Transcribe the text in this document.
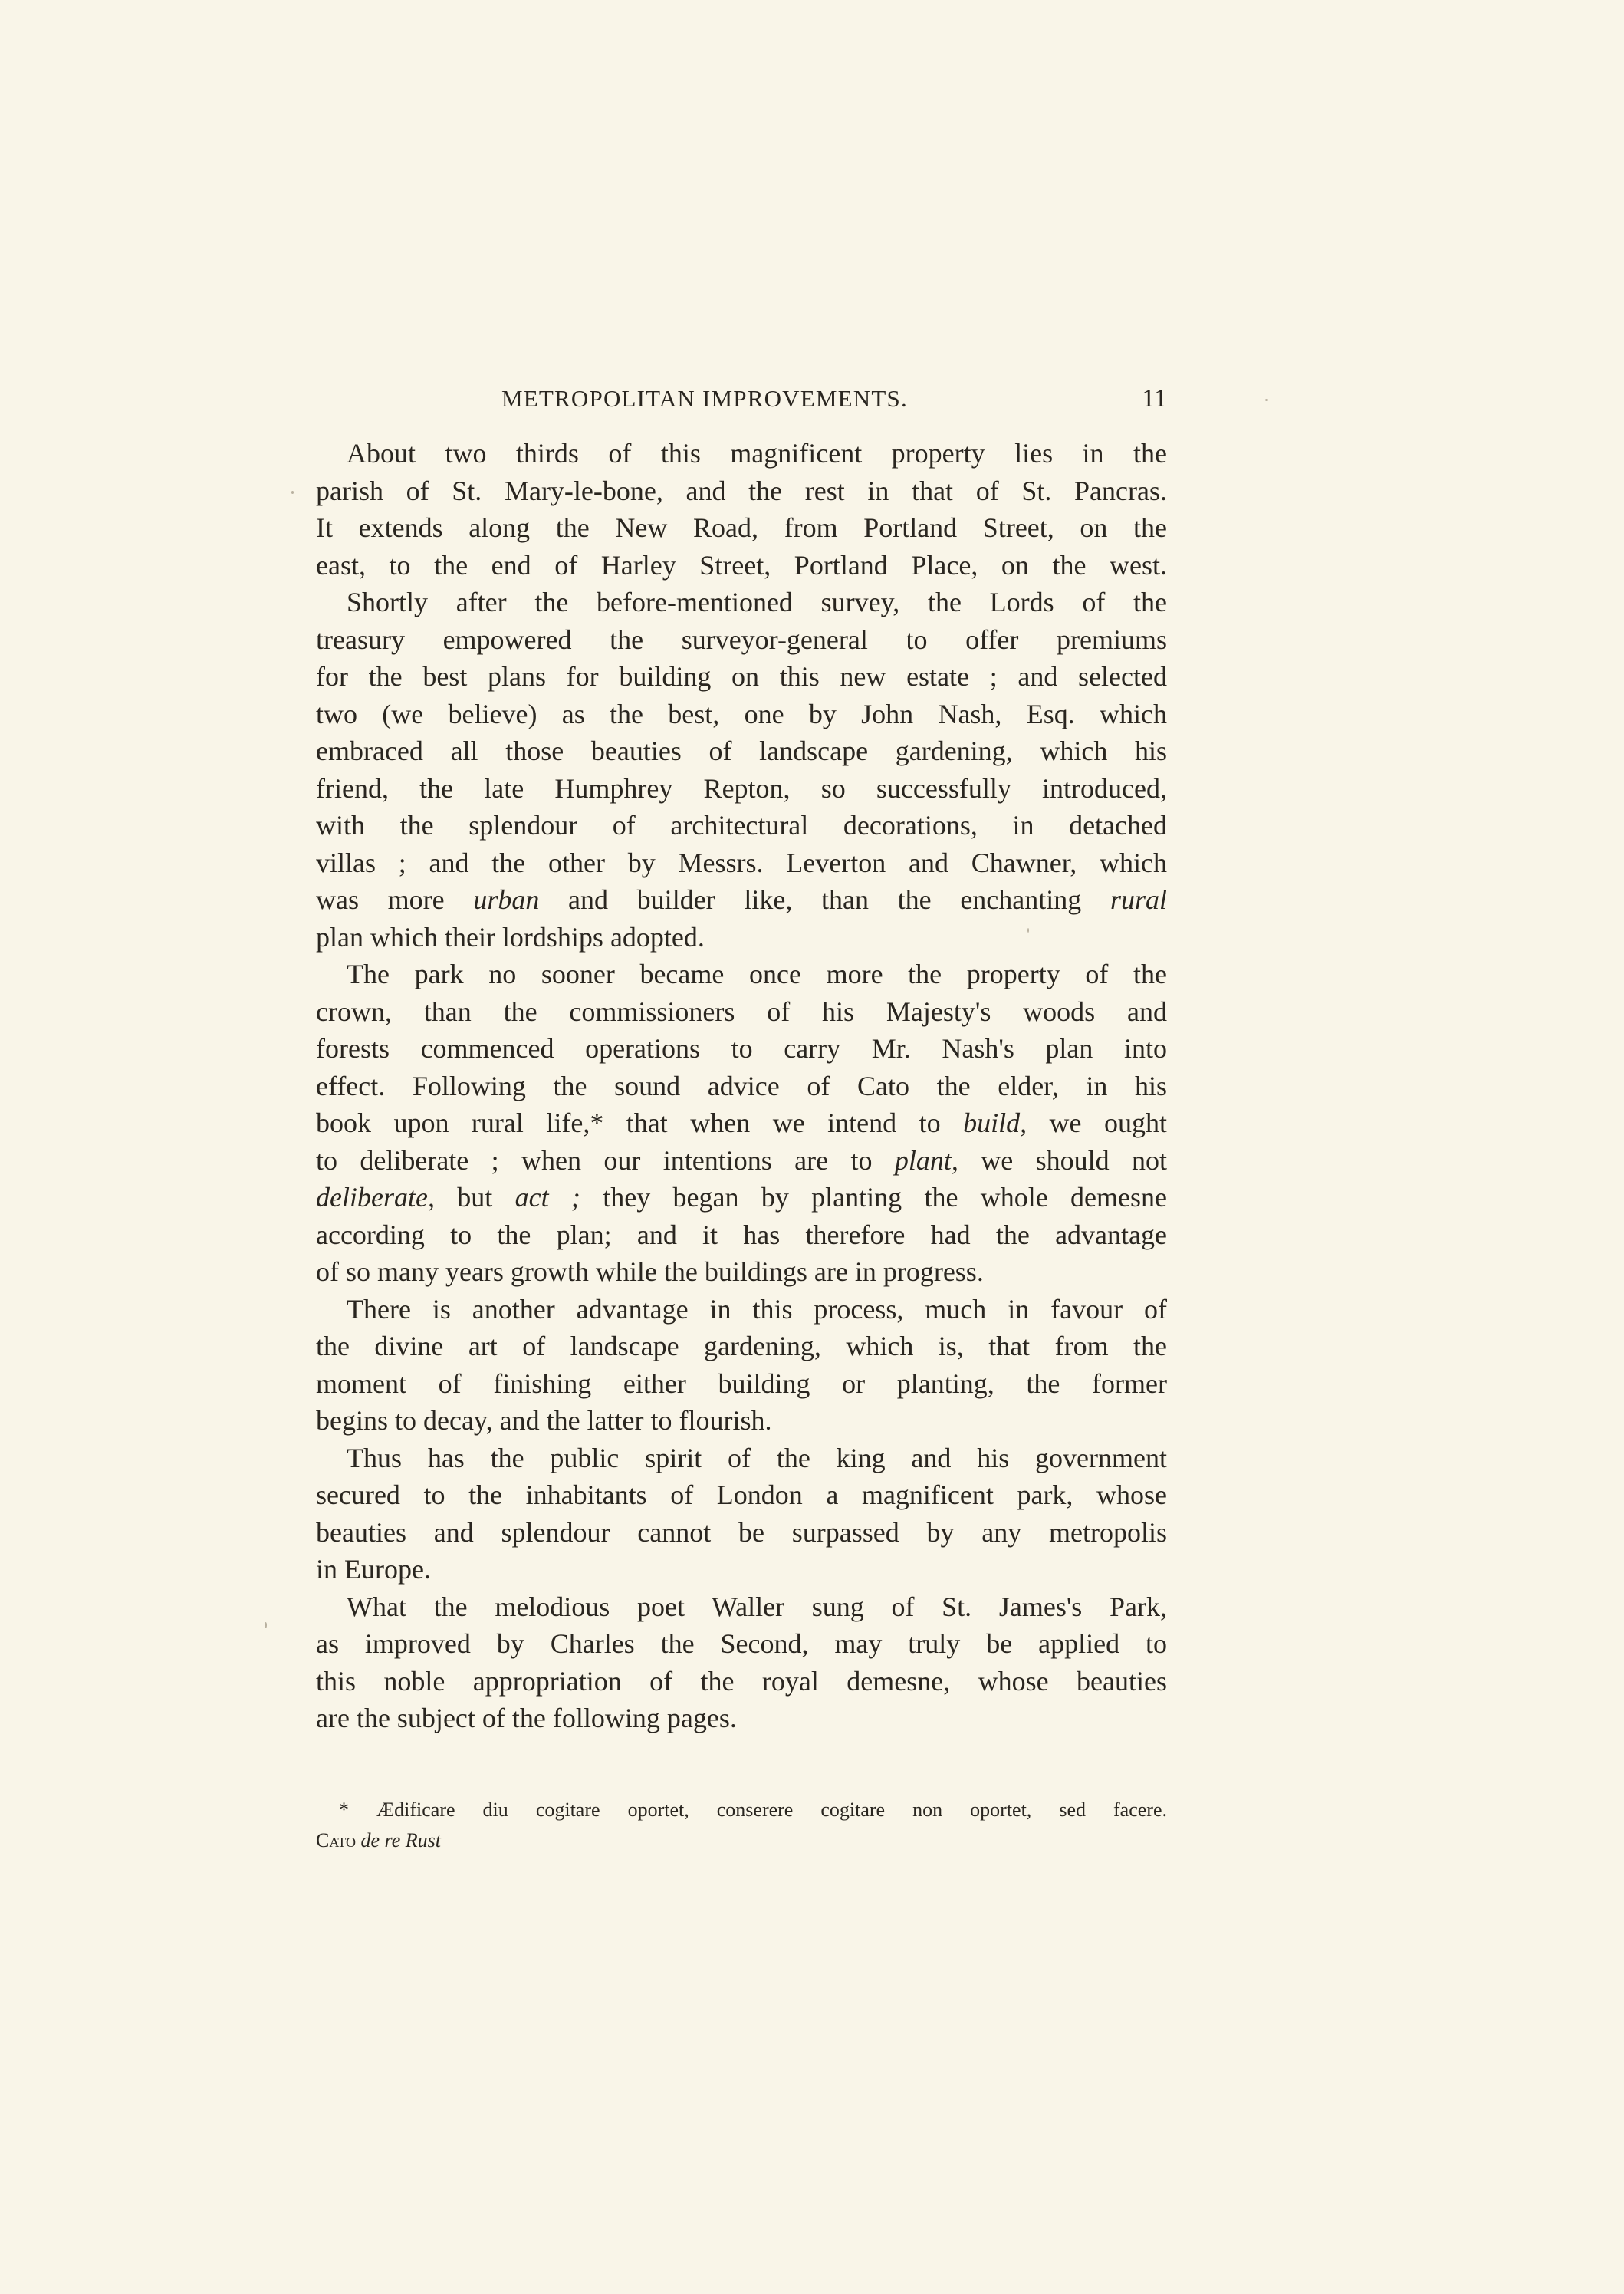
METROPOLITAN IMPROVEMENTS.	11
About two thirds of this magnificent property lies in the
parish of St. Mary-le-bone, and the rest in that of St. Pancras.
It extends along the New Road, from Portland Street, on the
east, to the end of Harley Street, Portland Place, on the west.
Shortly after the before-mentioned survey, the Lords of the
treasury empowered the surveyor-general to offer premiums
for the best plans for building on this new estate ; and selected
two (we believe) as the best, one by John Nash, Esq. which
embraced all those beauties of landscape gardening, which his
friend, the late Humphrey Repton, so successfully introduced,
with the splendour of architectural decorations, in detached
villas ; and the other by Messrs. Leverton and Chawner, which
was more urban and builder like, than the enchanting rural
plan which their lordships adopted.
The park no sooner became once more the property of the
crown, than the commissioners of his Majesty's woods and
forests commenced operations to carry Mr. Nash's plan into
effect. Following the sound advice of Cato the elder, in his
book upon rural life,* that when we intend to build, we ought
to deliberate ; when our intentions are to plant, we should not
deliberate, but act ; they began by planting the whole demesne
according to the plan; and it has therefore had the advantage
of so many years growth while the buildings are in progress.
There is another advantage in this process, much in favour of
the divine art of landscape gardening, which is, that from the
moment of finishing either building or planting, the former
begins to decay, and the latter to flourish.
Thus has the public spirit of the king and his government
secured to the inhabitants of London a magnificent park, whose
beauties and splendour cannot be surpassed by any metropolis
in Europe.
What the melodious poet Waller sung of St. James's Park,
as improved by Charles the Second, may truly be applied to
this noble appropriation of the royal demesne, whose beauties
are the subject of the following pages.
* Ædificare diu cogitare oportet, conserere cogitare non oportet, sed facere.
Cato de re Rust
